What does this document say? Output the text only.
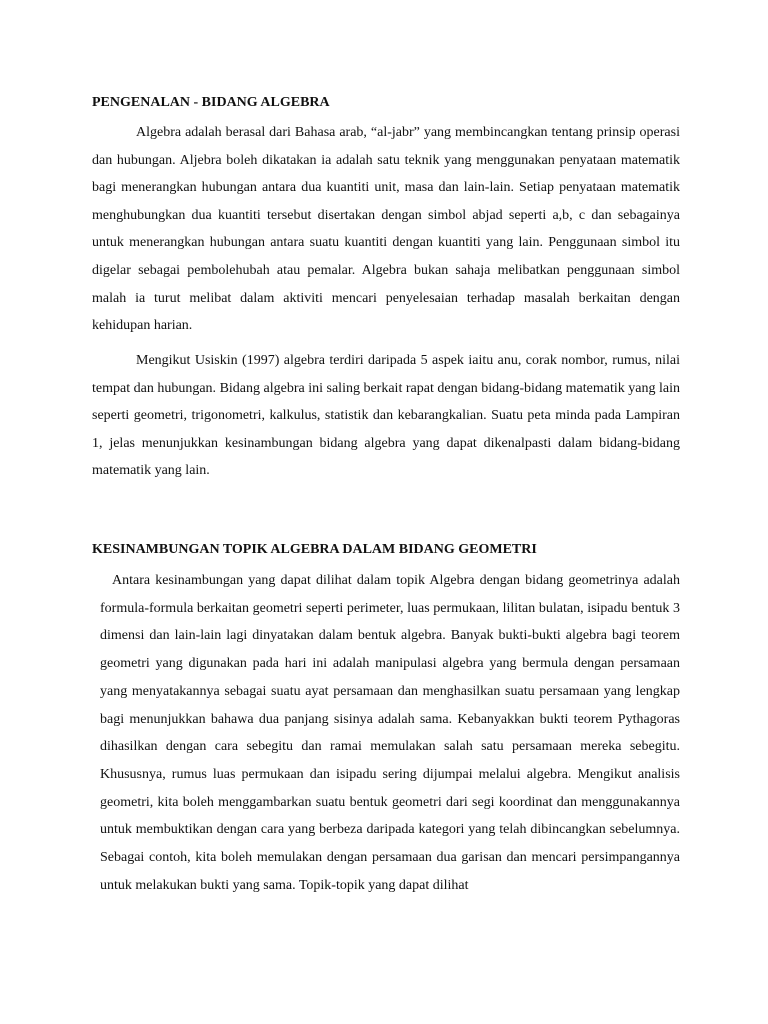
PENGENALAN - BIDANG ALGEBRA

Algebra adalah berasal dari Bahasa arab, “al-jabr” yang membincangkan tentang prinsip operasi dan hubungan. Aljebra boleh dikatakan ia adalah satu teknik yang menggunakan penyataan matematik bagi menerangkan hubungan antara dua kuantiti unit, masa dan lain-lain. Setiap penyataan matematik menghubungkan dua kuantiti tersebut disertakan dengan simbol abjad seperti a,b, c dan sebagainya untuk menerangkan hubungan antara suatu kuantiti dengan kuantiti yang lain. Penggunaan simbol itu digelar sebagai pembolehubah atau pemalar. Algebra bukan sahaja melibatkan penggunaan simbol malah ia turut melibat dalam aktiviti mencari penyelesaian terhadap masalah berkaitan dengan kehidupan harian.

Mengikut Usiskin (1997) algebra terdiri daripada 5 aspek iaitu anu, corak nombor, rumus, nilai tempat dan hubungan. Bidang algebra ini saling berkait rapat dengan bidang-bidang matematik yang lain seperti geometri, trigonometri, kalkulus, statistik dan kebarangkalian. Suatu peta minda pada Lampiran 1, jelas menunjukkan kesinambungan bidang algebra yang dapat dikenalpasti dalam bidang-bidang matematik yang lain.

KESINAMBUNGAN TOPIK ALGEBRA DALAM BIDANG GEOMETRI

Antara kesinambungan yang dapat dilihat dalam topik Algebra dengan bidang geometrinya adalah formula-formula berkaitan geometri seperti perimeter, luas permukaan, lilitan bulatan, isipadu bentuk 3 dimensi dan lain-lain lagi dinyatakan dalam bentuk algebra. Banyak bukti-bukti algebra bagi teorem geometri yang digunakan pada hari ini adalah manipulasi algebra yang bermula dengan persamaan yang menyatakannya sebagai suatu ayat persamaan dan menghasilkan suatu persamaan yang lengkap bagi menunjukkan bahawa dua panjang sisinya adalah sama. Kebanyakkan bukti teorem Pythagoras dihasilkan dengan cara sebegitu dan ramai memulakan salah satu persamaan mereka sebegitu. Khususnya, rumus luas permukaan dan isipadu sering dijumpai melalui algebra. Mengikut analisis geometri, kita boleh menggambarkan suatu bentuk geometri dari segi koordinat dan menggunakannya untuk membuktikan dengan cara yang berbeza daripada kategori yang telah dibincangkan sebelumnya. Sebagai contoh, kita boleh memulakan dengan persamaan dua garisan dan mencari persimpangannya untuk melakukan bukti yang sama. Topik-topik yang dapat dilihat
